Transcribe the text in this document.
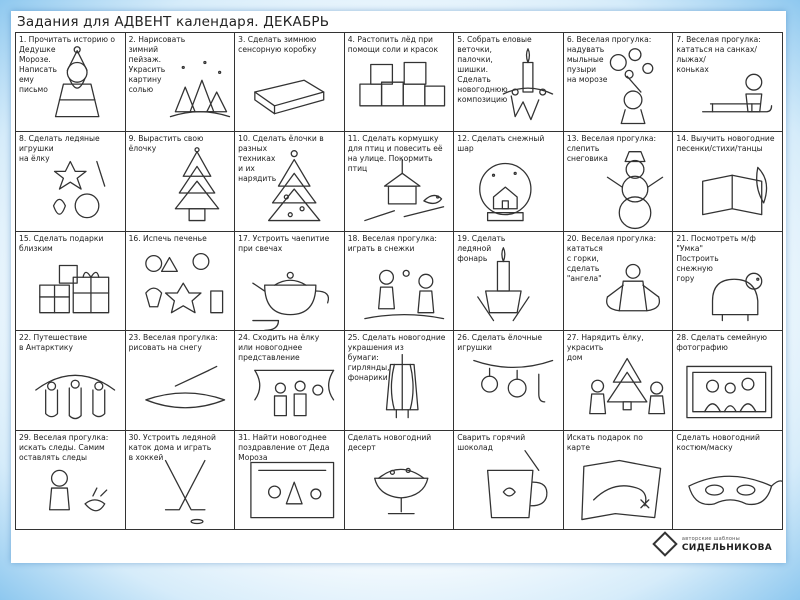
Задания для АДВЕНТ календаря. ДЕКАБРЬ
1. Прочитать историю о
Дедушке
Морозе.
Написать
ему
письмо
2. Нарисовать
зимний
пейзаж.
Украсить
картину
солью
3. Сделать зимнюю
сенсорную коробку
4. Растопить лёд при
помощи соли и красок
5. Собрать еловые
веточки,
палочки,
шишки.
Сделать
новогоднюю
композицию
6. Веселая прогулка:
надувать
мыльные
пузыри
на морозе
7. Веселая прогулка:
кататься на санках/
лыжах/
коньках
8. Сделать ледяные
игрушки
на ёлку
9. Вырастить свою
ёлочку
10. Сделать ёлочки в
разных
техниках
и их
нарядить
11. Сделать кормушку
для птиц и повесить её
на улице. Покормить
птиц
12. Сделать снежный
шар
13. Веселая прогулка:
слепить
снеговика
14. Выучить новогодние
песенки/стихи/танцы
15. Сделать подарки
близким
16. Испечь печенье	17. Устроить чаепитие
при свечах
18. Веселая прогулка:
играть в снежки
19. Сделать
ледяной
фонарь
20. Веселая прогулка:
кататься
с горки,
сделать
"ангела"
21. Посмотреть м/ф
"Умка"
Построить
снежную
гору
22. Путешествие
в Антарктику
23. Веселая прогулка:
рисовать на снегу
24. Сходить на ёлку
или новогоднее
представление
25. Сделать новогодние
украшения из
бумаги:
гирлянды,
фонарики
26. Сделать ёлочные
игрушки
27. Нарядить ёлку,
украсить
дом
28. Сделать семейную
фотографию
29. Веселая прогулка:
искать следы. Самим
оставлять следы
30. Устроить ледяной
каток дома и играть
в хоккей
31. Найти новогоднее
поздравление от Деда
Мороза
Сделать новогодний
десерт
Сварить горячий
шоколад
Искать подарок по
карте
Сделать новогодний
костюм/маску
авторские шаблоны
СИДЕЛЬНИКОВА
